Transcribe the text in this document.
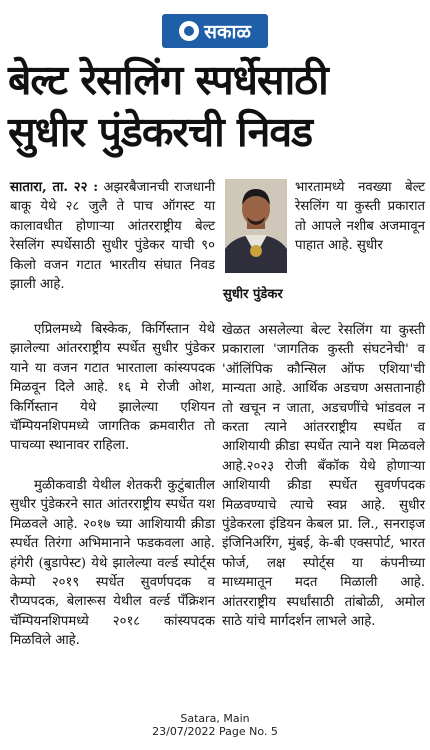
सकाळ
बेल्ट रेसलिंग स्पर्धेसाठी
सुधीर पुंडेकरची निवड

सातारा, ता. २२ : अझरबैजानची राजधानी बाकू येथे २८ जुलै ते पाच ऑगस्ट या कालावधीत होणाऱ्या आंतरराष्ट्रीय बेल्ट रेसलिंग स्पर्धेसाठी सुधीर पुंडेकर याची ९० किलो वजन गटात भारतीय संघात निवड झाली आहे.

भारतामध्ये नवख्या बेल्ट रेसलिंग या कुस्ती प्रकारात तो आपले नशीब अजमावून पाहात आहे. सुधीर

सुधीर पुंडेकर

एप्रिलमध्ये बिस्केक, किर्गिस्तान येथे झालेल्या आंतरराष्ट्रीय स्पर्धेत सुधीर पुंडेकर याने या वजन गटात भारताला कांस्यपदक मिळवून दिले आहे. १६ मे रोजी ओश, किर्गिस्तान येथे झालेल्या एशियन चॅम्पियनशिपमध्ये जागतिक क्रमवारीत तो पाचव्या स्थानावर राहिला.

मुळीकवाडी येथील शेतकरी कुटुंबातील सुधीर पुंडेकरने सात आंतरराष्ट्रीय स्पर्धेत यश मिळवले आहे. २०१७ च्या आशियायी क्रीडा स्पर्धेत तिरंगा अभिमानाने फडकवला आहे. हंगेरी (बुडापेस्ट) येथे झालेल्या वर्ल्ड स्पोर्ट्स केम्पो २०१९ स्पर्धेत सुवर्णपदक व रौप्यपदक, बेलारूस येथील वर्ल्ड पॅंक्रिशन चॅम्पियनशिपमध्ये २०१८ कांस्यपदक मिळविले आहे.

खेळत असलेल्या बेल्ट रेसलिंग या कुस्ती प्रकाराला 'जागतिक कुस्ती संघटनेची' व 'ऑलिंपिक कौन्सिल ऑफ एशिया'ची मान्यता आहे. आर्थिक अडचण असतानाही तो खचून न जाता, अडचणींचे भांडवल न करता त्याने आंतरराष्ट्रीय स्पर्धेत व आशियायी क्रीडा स्पर्धेत त्याने यश मिळवले आहे.२०२३ रोजी बँकॉक येथे होणाऱ्या आशियायी क्रीडा स्पर्धेत सुवर्णपदक मिळवण्याचे त्याचे स्वप्न आहे. सुधीर पुंडेकरला इंडियन केबल प्रा. लि., सनराइज इंजिनिअरिंग, मुंबई, के-बी एक्सपोर्ट, भारत फोर्ज, लक्ष स्पोर्ट्स या कंपनीच्या माध्यमातून मदत मिळाली आहे. आंतरराष्ट्रीय स्पर्धांसाठी तांबोळी, अमोल साठे यांचे मार्गदर्शन लाभले आहे.

Satara, Main
23/07/2022 Page No. 5
